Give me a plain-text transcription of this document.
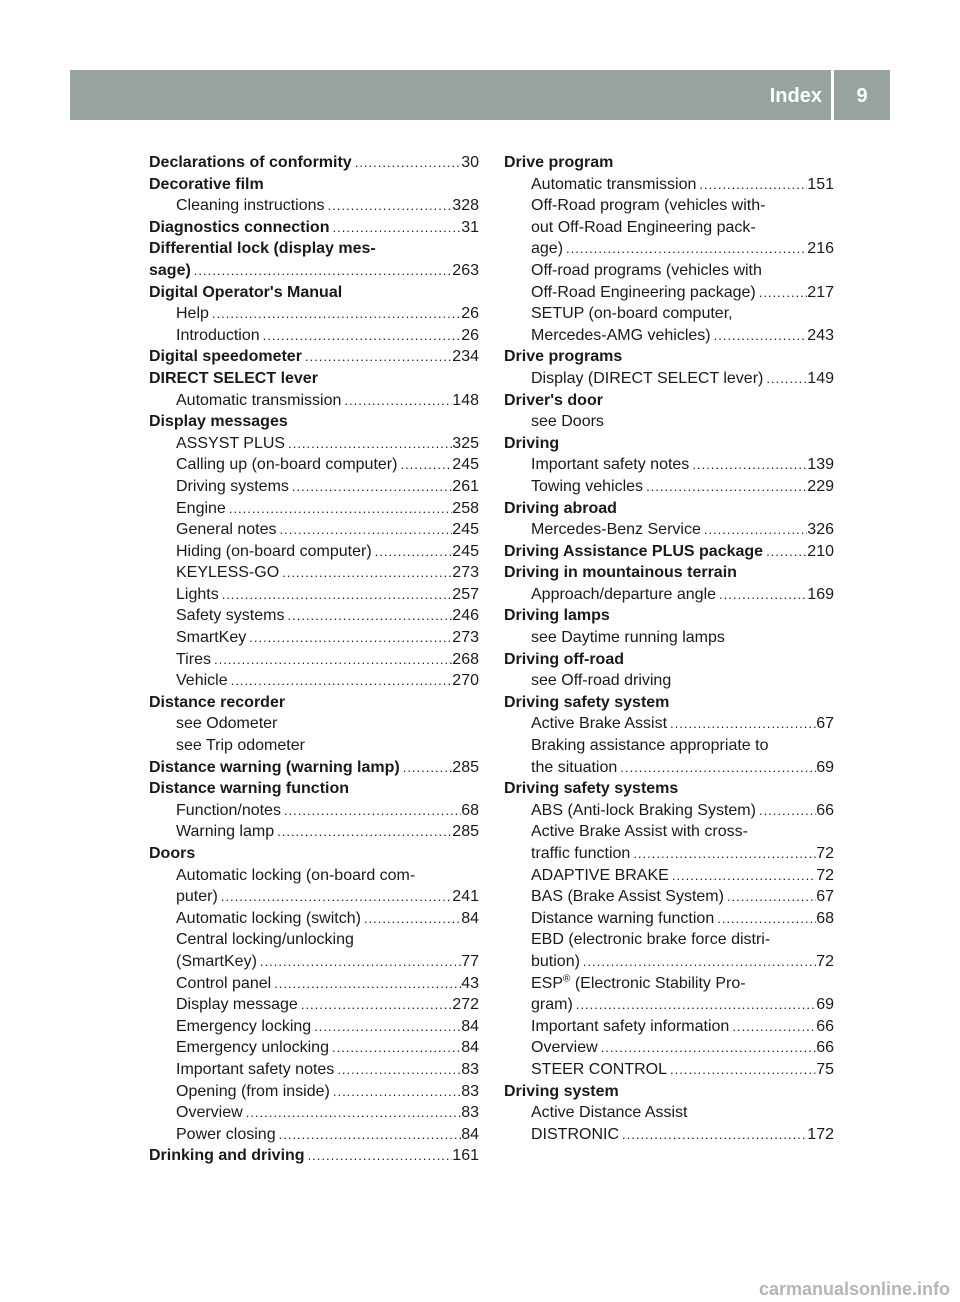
Index	9
Declarations of conformity .....	30
Decorative film
Cleaning instructions .....	328
Diagnostics connection .....	31
Differential lock (display mes-
sage) .....	263
Digital Operator's Manual
Help .....	26
Introduction .....	26
Digital speedometer .....	234
DIRECT SELECT lever
Automatic transmission .....	148
Display messages
ASSYST PLUS .....	325
Calling up (on-board computer) .....	245
Driving systems .....	261
Engine .....	258
General notes .....	245
Hiding (on-board computer) .....	245
KEYLESS-GO .....	273
Lights .....	257
Safety systems .....	246
SmartKey .....	273
Tires .....	268
Vehicle .....	270
Distance recorder
see Odometer
see Trip odometer
Distance warning (warning lamp) .....	285
Distance warning function
Function/notes .....	68
Warning lamp .....	285
Doors
Automatic locking (on-board com-
puter) .....	241
Automatic locking (switch) .....	84
Central locking/unlocking
(SmartKey) .....	77
Control panel .....	43
Display message .....	272
Emergency locking .....	84
Emergency unlocking .....	84
Important safety notes .....	83
Opening (from inside) .....	83
Overview .....	83
Power closing .....	84
Drinking and driving .....	161
Drive program
Automatic transmission .....	151
Off-Road program (vehicles with-
out Off-Road Engineering pack-
age) .....	216
Off-road programs (vehicles with
Off-Road Engineering package) .....	217
SETUP (on-board computer,
Mercedes-AMG vehicles) .....	243
Drive programs
Display (DIRECT SELECT lever) .....	149
Driver's door
see Doors
Driving
Important safety notes .....	139
Towing vehicles .....	229
Driving abroad
Mercedes-Benz Service .....	326
Driving Assistance PLUS package .....	210
Driving in mountainous terrain
Approach/departure angle .....	169
Driving lamps
see Daytime running lamps
Driving off-road
see Off-road driving
Driving safety system
Active Brake Assist .....	67
Braking assistance appropriate to
the situation .....	69
Driving safety systems
ABS (Anti-lock Braking System) .....	66
Active Brake Assist with cross-
traffic function .....	72
ADAPTIVE BRAKE .....	72
BAS (Brake Assist System) .....	67
Distance warning function .....	68
EBD (electronic brake force distri-
bution) .....	72
ESP® (Electronic Stability Pro-
gram) .....	69
Important safety information .....	66
Overview .....	66
STEER CONTROL .....	75
Driving system
Active Distance Assist
DISTRONIC .....	172
carmanualsonline.info
